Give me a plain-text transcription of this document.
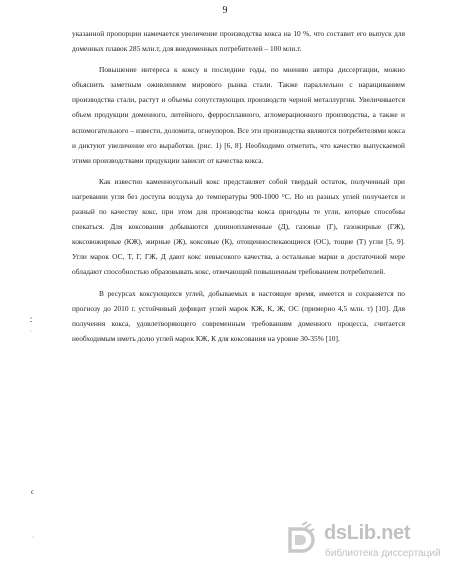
9

указанной пропорции намечается увеличение производства кокса на 10 %, что составит его выпуск для доменных плавок 285 млн.т, для внедоменных потребителей – 100 млн.т.

Повышение интереса к коксу в последние годы, по мнению автора диссертации, можно объяснить заметным оживлением мирового рынка стали. Также параллельно с наращиванием производства стали, растут и объемы сопутствующих производств черной металлургии. Увеличивается объем продукции доменного, литейного, ферросплавного, агломерационного производства, а также и вспомогательного – извести, доломита, огнеупоров. Все эти производства являются потребителями кокса и диктуют увеличение его выработки. (рис. 1) [6, 8]. Необходимо отметить, что качество выпускаемой этими производствами продукции зависит от качества кокса.

Как известно каменноугольный кокс представляет собой твердый остаток, полученный при нагревании угля без доступа воздуха до температуры 900-1000 °С. Но из разных углей получается и разный по качеству кокс, при этом для производства кокса пригодны те угли, которые способны спекаться. Для коксования добываются длиннопламенные (Д), газовые (Г), газожирные (ГЖ), коксовожирные (КЖ), жирные (Ж), коксовые (К), отощенноспекающиеся (ОС), тощие (Т) угли [5, 9]. Угли марок ОС, Т, Г, ГЖ, Д дают кокс невысокого качества, а остальные марки в достаточной мере обладают способностью образовывать кокс, отвечающий повышенным требованием потребителей.

В ресурсах коксующихся углей, добываемых в настоящее время, имеется и сохраняется по прогнозу до 2010 г. устойчивый дефицит углей марок КЖ, К, Ж, ОС (примерно 4,5 млн. т) [10]. Для получения кокса, удовлетворяющего современным требованиям доменного процесса, считается необходимым иметь долю углей марок КЖ, К для коксования на уровне 30-35% [10].

∶
·
ϲ
·	dsLib.net
библиотека диссертаций
